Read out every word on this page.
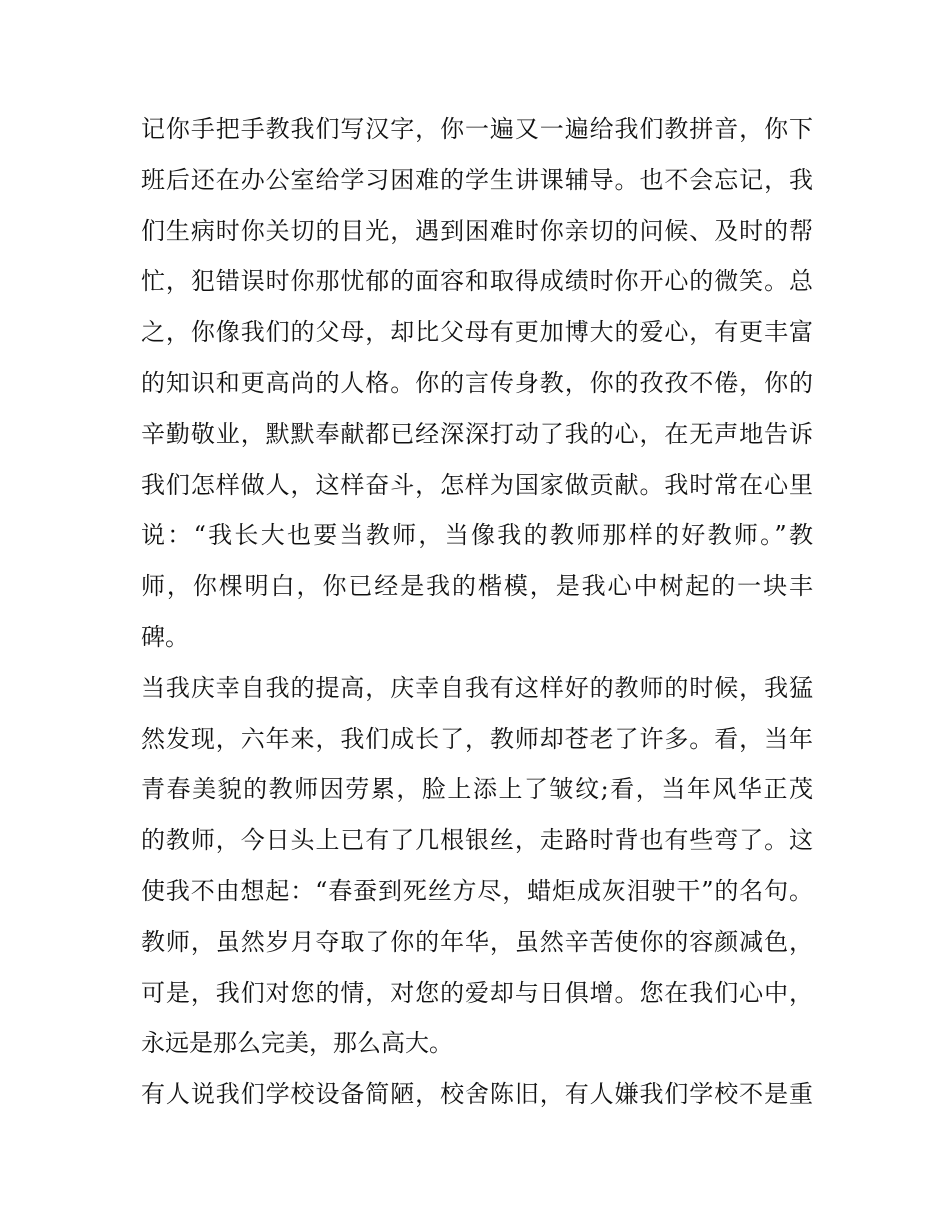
记你手把手教我们写汉字，你一遍又一遍给我们教拼音，你下
班后还在办公室给学习困难的学生讲课辅导。也不会忘记，我
们生病时你关切的目光，遇到困难时你亲切的问候、及时的帮
忙，犯错误时你那忧郁的面容和取得成绩时你开心的微笑。总
之，你像我们的父母，却比父母有更加博大的爱心，有更丰富
的知识和更高尚的人格。你的言传身教，你的孜孜不倦，你的
辛勤敬业，默默奉献都已经深深打动了我的心，在无声地告诉
我们怎样做人，这样奋斗，怎样为国家做贡献。我时常在心里
说：“我长大也要当教师，当像我的教师那样的好教师。”教
师，你棵明白，你已经是我的楷模，是我心中树起的一块丰
碑。
当我庆幸自我的提高，庆幸自我有这样好的教师的时候，我猛
然发现，六年来，我们成长了，教师却苍老了许多。看，当年
青春美貌的教师因劳累，脸上添上了皱纹;看，当年风华正茂
的教师，今日头上已有了几根银丝，走路时背也有些弯了。这
使我不由想起：“春蚕到死丝方尽，蜡炬成灰泪驶干”的名句。
教师，虽然岁月夺取了你的年华，虽然辛苦使你的容颜减色，
可是，我们对您的情，对您的爱却与日俱增。您在我们心中，
永远是那么完美，那么高大。
有人说我们学校设备简陋，校舍陈旧，有人嫌我们学校不是重
